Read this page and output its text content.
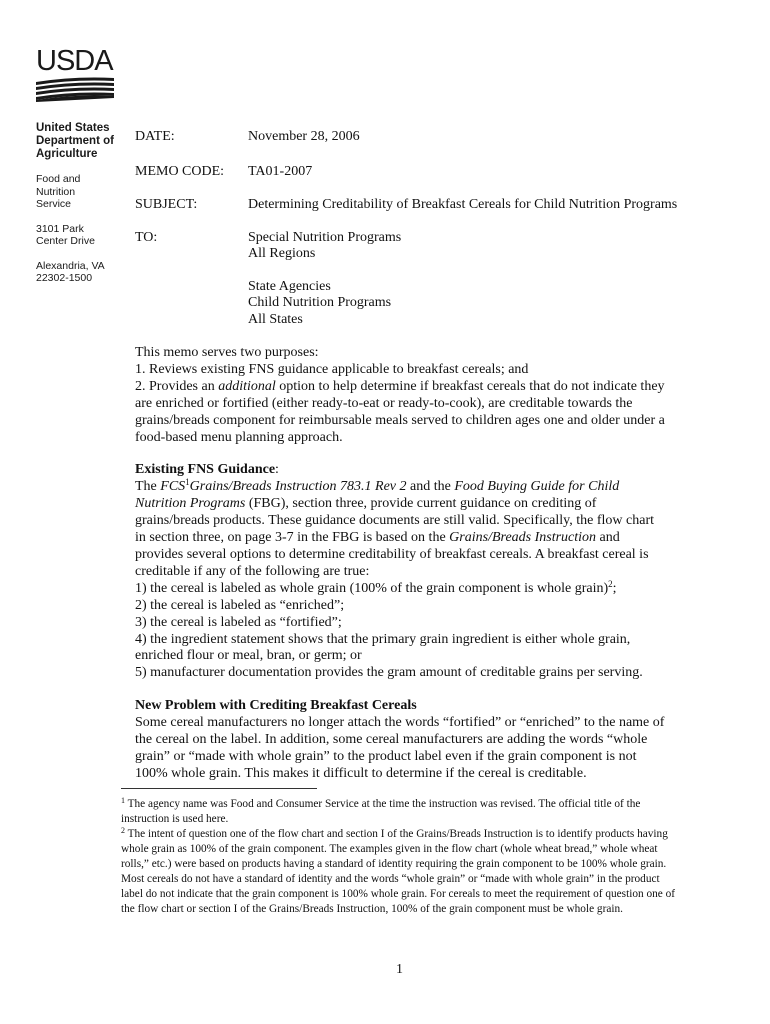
USDA
United States
Department of
Agriculture
Food and
Nutrition
Service
3101 Park
Center Drive
Alexandria, VA
22302-1500
DATE:	November 28, 2006
MEMO CODE: TA01-2007
SUBJECT:	Determining Creditability of Breakfast Cereals for Child Nutrition Programs
TO:	Special Nutrition Programs
All Regions
State Agencies
Child Nutrition Programs
All States

This memo serves two purposes:

1. Reviews existing FNS guidance applicable to breakfast cereals; and

2. Provides an additional option to help determine if breakfast cereals that do not indicate they are enriched or fortified (either ready-to-eat or ready-to-cook), are creditable towards the grains/breads component for reimbursable meals served to children ages one and older under a food-based menu planning approach.

Existing FNS Guidance:

The FCS$^1$Grains/Breads Instruction 783.1 Rev 2 and the Food Buying Guide for Child Nutrition Programs (FBG), section three, provide current guidance on crediting of grains/breads products. These guidance documents are still valid. Specifically, the flow chart in section three, on page 3-7 in the FBG is based on the Grains/Breads Instruction and provides several options to determine creditability of breakfast cereals. A breakfast cereal is creditable if any of the following are true:

1) the cereal is labeled as whole grain (100% of the grain component is whole grain)$^2$;

2) the cereal is labeled as “enriched”;

3) the cereal is labeled as “fortified”;

4) the ingredient statement shows that the primary grain ingredient is either whole grain, enriched flour or meal, bran, or germ; or

5) manufacturer documentation provides the gram amount of creditable grains per serving.

New Problem with Crediting Breakfast Cereals

Some cereal manufacturers no longer attach the words “fortified” or “enriched” to the name of the cereal on the label. In addition, some cereal manufacturers are adding the words “whole grain” or “made with whole grain” to the product label even if the grain component is not 100% whole grain. This makes it difficult to determine if the cereal is creditable.

$^1$ The agency name was Food and Consumer Service at the time the instruction was revised. The official title of the instruction is used here.

$^2$ The intent of question one of the flow chart and section I of the Grains/Breads Instruction is to identify products having whole grain as 100% of the grain component. The examples given in the flow chart (whole wheat bread,” whole wheat rolls,” etc.) were based on products having a standard of identity requiring the grain component to be 100% whole grain. Most cereals do not have a standard of identity and the words “whole grain” or “made with whole grain” in the product label do not indicate that the grain component is 100% whole grain. For cereals to meet the requirement of question one of the flow chart or section I of the Grains/Breads Instruction, 100% of the grain component must be whole grain.

1
